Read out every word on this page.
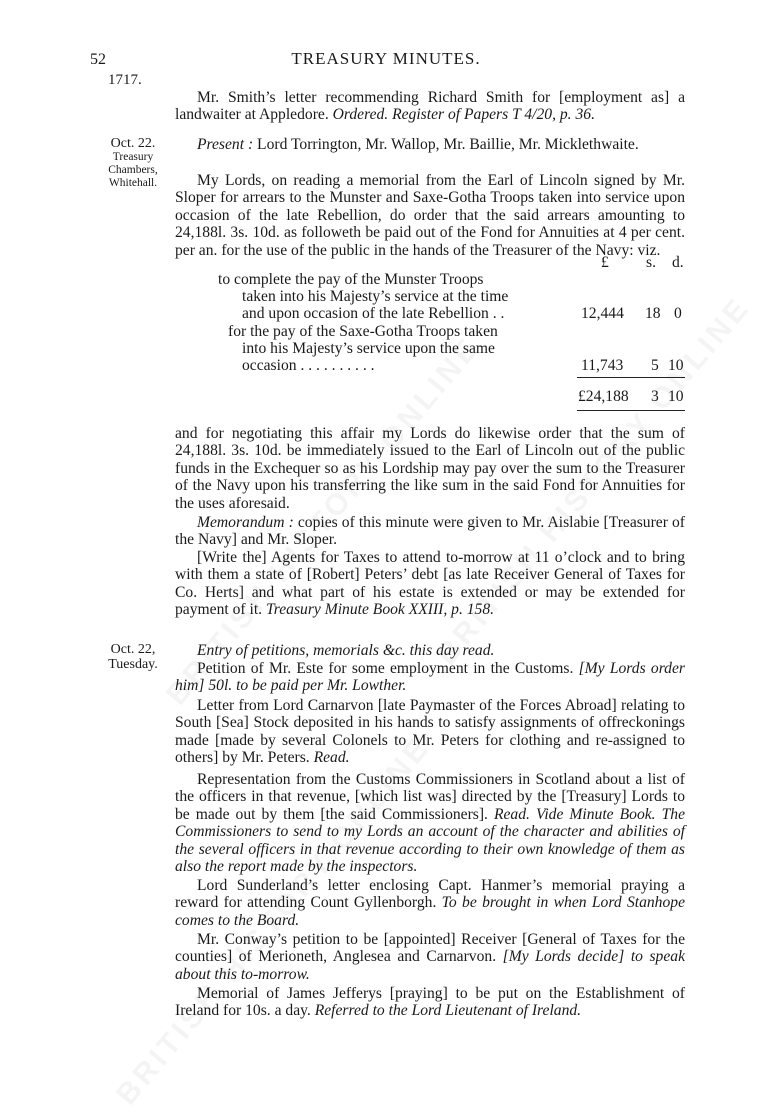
52	TREASURY MINUTES.
1717.
Mr. Smith’s letter recommending Richard Smith for [employment as] a landwaiter at Appledore. Ordered. Register of Papers T 4/20, p. 36.
Oct. 22.
Treasury
Chambers,
Whitehall.
Present : Lord Torrington, Mr. Wallop, Mr. Baillie, Mr. Micklethwaite.
My Lords, on reading a memorial from the Earl of Lincoln signed by Mr. Sloper for arrears to the Munster and Saxe-Gotha Troops taken into service upon occasion of the late Rebellion, do order that the said arrears amounting to 24,188l. 3s. 10d. as followeth be paid out of the Fond for Annuities at 4 per cent. per an. for the use of the public in the hands of the Treasurer of the Navy: viz.
£ s. d.
to complete the pay of the Munster Troops
taken into his Majesty’s service at the time
and upon occasion of the late Rebellion . .	12,444 18 0
for the pay of the Saxe-Gotha Troops taken
into his Majesty’s service upon the same
occasion . . . . . . . . . .	11,743 5 10
£24,188 3 10
and for negotiating this affair my Lords do likewise order that the sum of 24,188l. 3s. 10d. be immediately issued to the Earl of Lincoln out of the public funds in the Exchequer so as his Lordship may pay over the sum to the Treasurer of the Navy upon his transferring the like sum in the said Fond for Annuities for the uses aforesaid.
Memorandum : copies of this minute were given to Mr. Aislabie [Treasurer of the Navy] and Mr. Sloper.
[Write the] Agents for Taxes to attend to-morrow at 11 o’clock and to bring with them a state of [Robert] Peters’ debt [as late Receiver General of Taxes for Co. Herts] and what part of his estate is extended or may be extended for payment of it. Treasury Minute Book XXIII, p. 158.
Oct. 22,
Tuesday.
Entry of petitions, memorials &c. this day read.
Petition of Mr. Este for some employment in the Customs. [My Lords order him] 50l. to be paid per Mr. Lowther.
Letter from Lord Carnarvon [late Paymaster of the Forces Abroad] relating to South [Sea] Stock deposited in his hands to satisfy assignments of offreckonings made [made by several Colonels to Mr. Peters for clothing and re-assigned to others] by Mr. Peters. Read.
Representation from the Customs Commissioners in Scotland about a list of the officers in that revenue, [which list was] directed by the [Treasury] Lords to be made out by them [the said Commissioners]. Read. Vide Minute Book. The Commissioners to send to my Lords an account of the character and abilities of the several officers in that revenue according to their own knowledge of them as also the report made by the inspectors.
Lord Sunderland’s letter enclosing Capt. Hanmer’s memorial praying a reward for attending Count Gyllenborgh. To be brought in when Lord Stanhope comes to the Board.
Mr. Conway’s petition to be [appointed] Receiver [General of Taxes for the counties] of Merioneth, Anglesea and Carnarvon. [My Lords decide] to speak about this to-morrow.
Memorial of James Jefferys [praying] to be put on the Establishment of Ireland for 10s. a day. Referred to the Lord Lieutenant of Ireland.
